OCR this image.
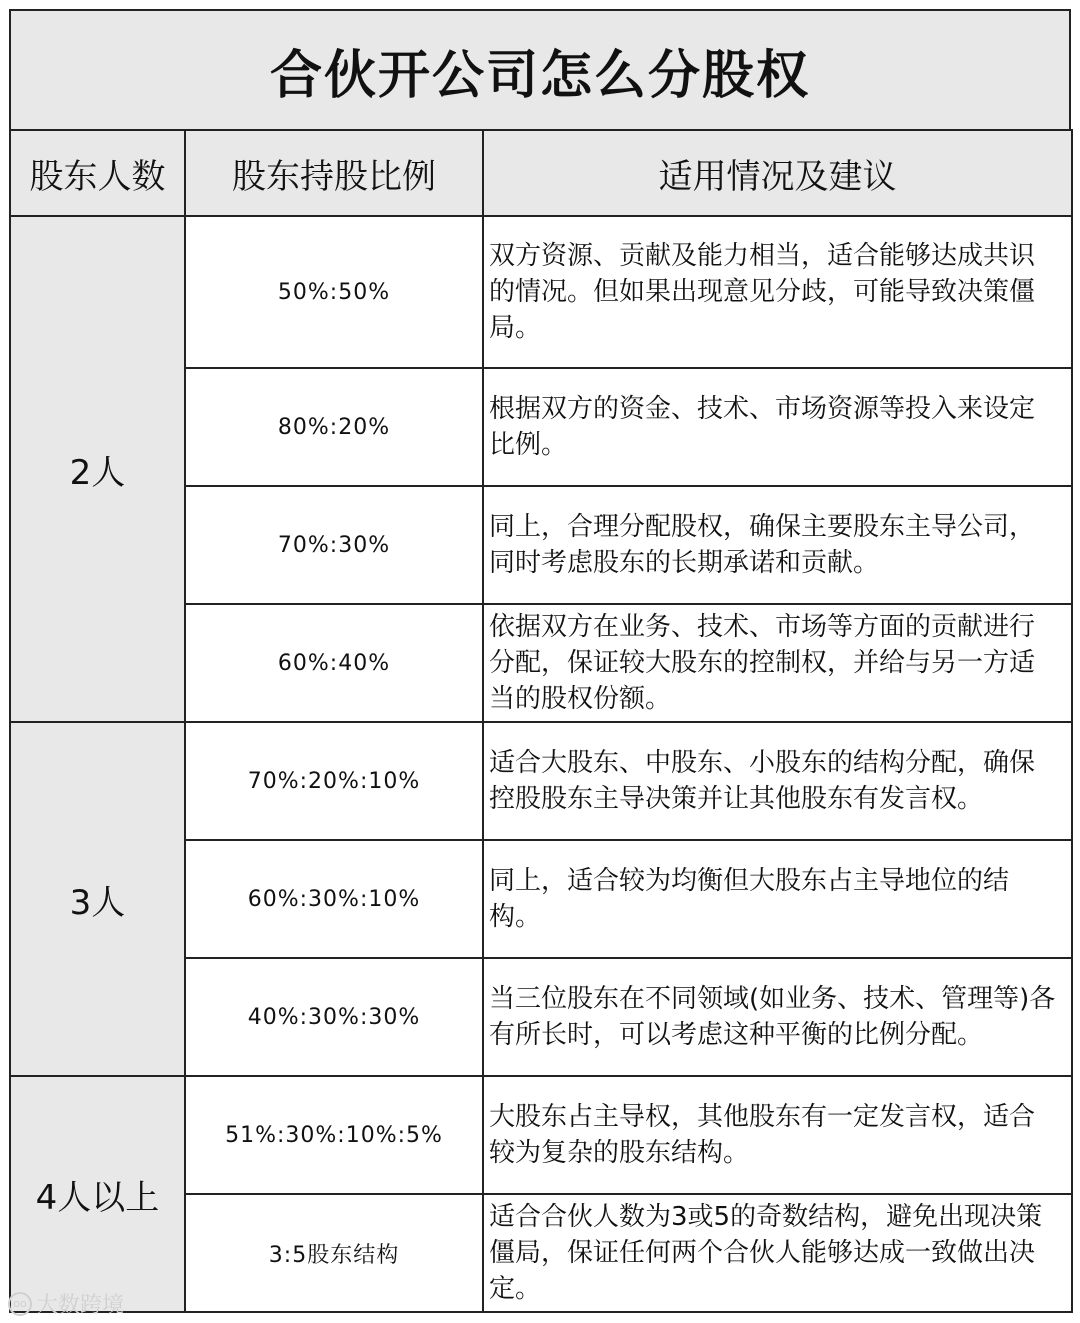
合伙开公司怎么分股权
股东人数	股东持股比例	适用情况及建议
2人	50%:50%	双方资源、贡献及能力相当，适合能够达成共识的情况。但如果出现意见分歧，可能导致决策僵局。
	80%:20%	根据双方的资金、技术、市场资源等投入来设定比例。
	70%:30%	同上，合理分配股权，确保主要股东主导公司，同时考虑股东的长期承诺和贡献。
	60%:40%	依据双方在业务、技术、市场等方面的贡献进行分配，保证较大股东的控制权，并给与另一方适当的股权份额。
3人	70%:20%:10%	适合大股东、中股东、小股东的结构分配，确保控股股东主导决策并让其他股东有发言权。
	60%:30%:10%	同上，适合较为均衡但大股东占主导地位的结构。
	40%:30%:30%	当三位股东在不同领域(如业务、技术、管理等)各有所长时，可以考虑这种平衡的比例分配。
4人以上	51%:30%:10%:5%	大股东占主导权，其他股东有一定发言权，适合较为复杂的股东结构。
	3:5股东结构	适合合伙人数为3或5的奇数结构，避免出现决策僵局，保证任何两个合伙人能够达成一致做出决定。
oo 大数跨境
